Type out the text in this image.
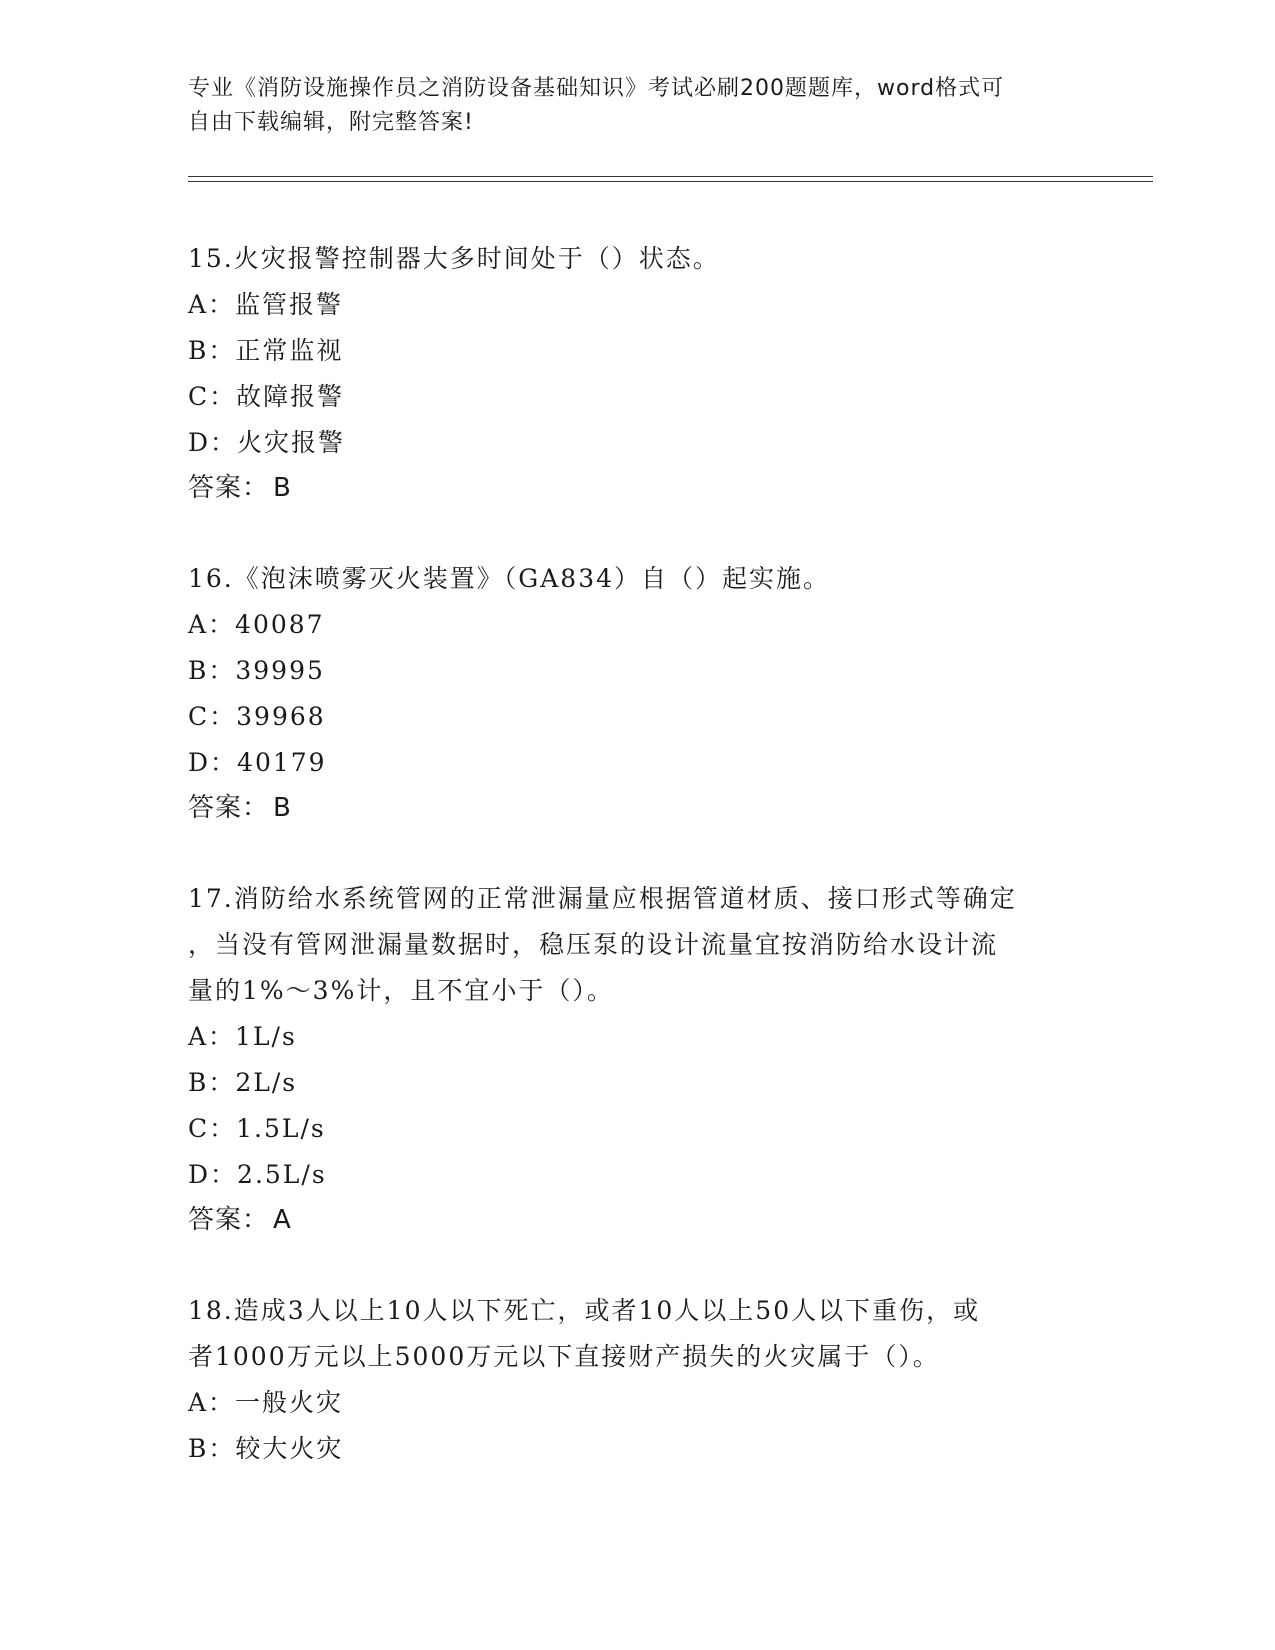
专业《消防设施操作员之消防设备基础知识》考试必刷200题题库，word格式可

自由下载编辑，附完整答案!

15.火灾报警控制器大多时间处于（）状态。

A：监管报警

B：正常监视

C：故障报警

D：火灾报警

答案： B

16.《泡沫喷雾灭火装置》（GA834）自（）起实施。

A：40087

B：39995

C：39968

D：40179

答案： B

17.消防给水系统管网的正常泄漏量应根据管道材质、接口形式等确定

，当没有管网泄漏量数据时，稳压泵的设计流量宜按消防给水设计流

量的1%～3%计，且不宜小于（）。

A：1L/s

B：2L/s

C：1.5L/s

D：2.5L/s

答案： A

18.造成3人以上10人以下死亡，或者10人以上50人以下重伤，或

者1000万元以上5000万元以下直接财产损失的火灾属于（）。

A：一般火灾

B：较大火灾
